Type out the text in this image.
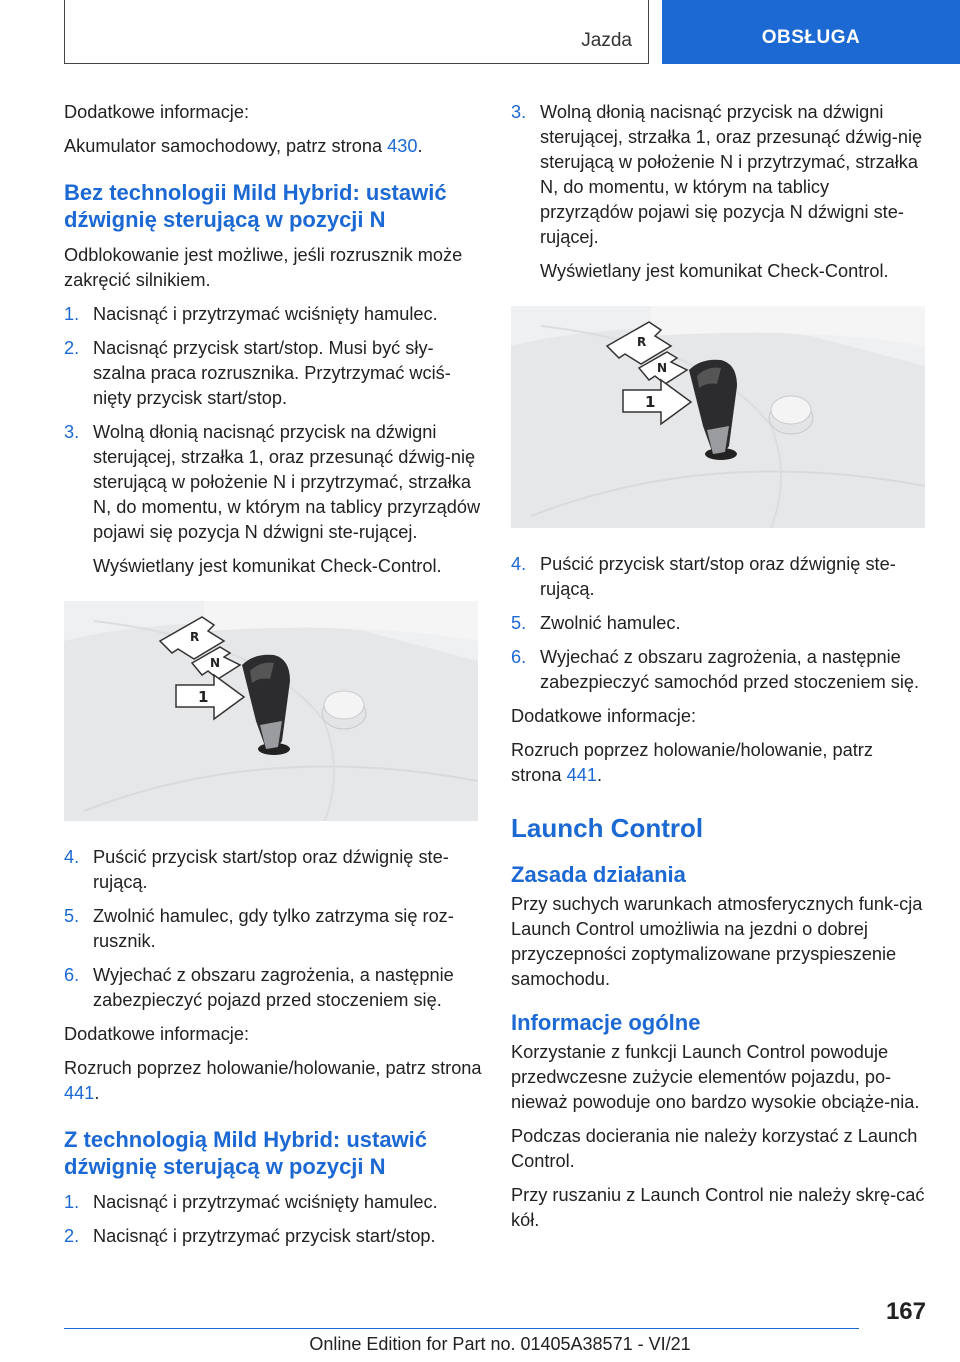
Jazda	OBSŁUGA

Dodatkowe informacje:

Akumulator samochodowy, patrz strona 430.

Bez technologii Mild Hybrid: ustawić dźwignię sterującą w pozycji N

Odblokowanie jest możliwe, jeśli rozrusznik może zakręcić silnikiem.

1. Nacisnąć i przytrzymać wciśnięty hamulec.
2. Nacisnąć przycisk start/stop. Musi być sły-szalna praca rozrusznika. Przytrzymać wciś-nięty przycisk start/stop.
3. Wolną dłonią nacisnąć przycisk na dźwigni sterującej, strzałka 1, oraz przesunąć dźwig-nię sterującą w położenie N i przytrzymać, strzałka N, do momentu, w którym na tablicy przyrządów pojawi się pozycja N dźwigni ste-rującej.

Wyświetlany jest komunikat Check-Control.

R
N
1
4. Puścić przycisk start/stop oraz dźwignię ste-rującą.
5. Zwolnić hamulec, gdy tylko zatrzyma się roz-rusznik.
6. Wyjechać z obszaru zagrożenia, a następnie zabezpieczyć pojazd przed stoczeniem się.

Dodatkowe informacje:

Rozruch poprzez holowanie/holowanie, patrz strona 441.

Z technologią Mild Hybrid: ustawić dźwignię sterującą w pozycji N
1. Nacisnąć i przytrzymać wciśnięty hamulec.
2. Nacisnąć i przytrzymać przycisk start/stop.
3. Wolną dłonią nacisnąć przycisk na dźwigni sterującej, strzałka 1, oraz przesunąć dźwig-nię sterującą w położenie N i przytrzymać, strzałka N, do momentu, w którym na tablicy przyrządów pojawi się pozycja N dźwigni ste-rującej.

Wyświetlany jest komunikat Check-Control.

R
N
1
4. Puścić przycisk start/stop oraz dźwignię ste-rującą.
5. Zwolnić hamulec.
6. Wyjechać z obszaru zagrożenia, a następnie zabezpieczyć samochód przed stoczeniem się.

Dodatkowe informacje:

Rozruch poprzez holowanie/holowanie, patrz strona 441.

Launch Control
Zasada działania

Przy suchych warunkach atmosferycznych funk-cja Launch Control umożliwia na jezdni o dobrej przyczepności zoptymalizowane przyspieszenie samochodu.

Informacje ogólne

Korzystanie z funkcji Launch Control powoduje przedwczesne zużycie elementów pojazdu, po-nieważ powoduje ono bardzo wysokie obciąże-nia.

Podczas docierania nie należy korzystać z Launch Control.

Przy ruszaniu z Launch Control nie należy skrę-cać kół.

167
Online Edition for Part no. 01405A38571 - VI/21
